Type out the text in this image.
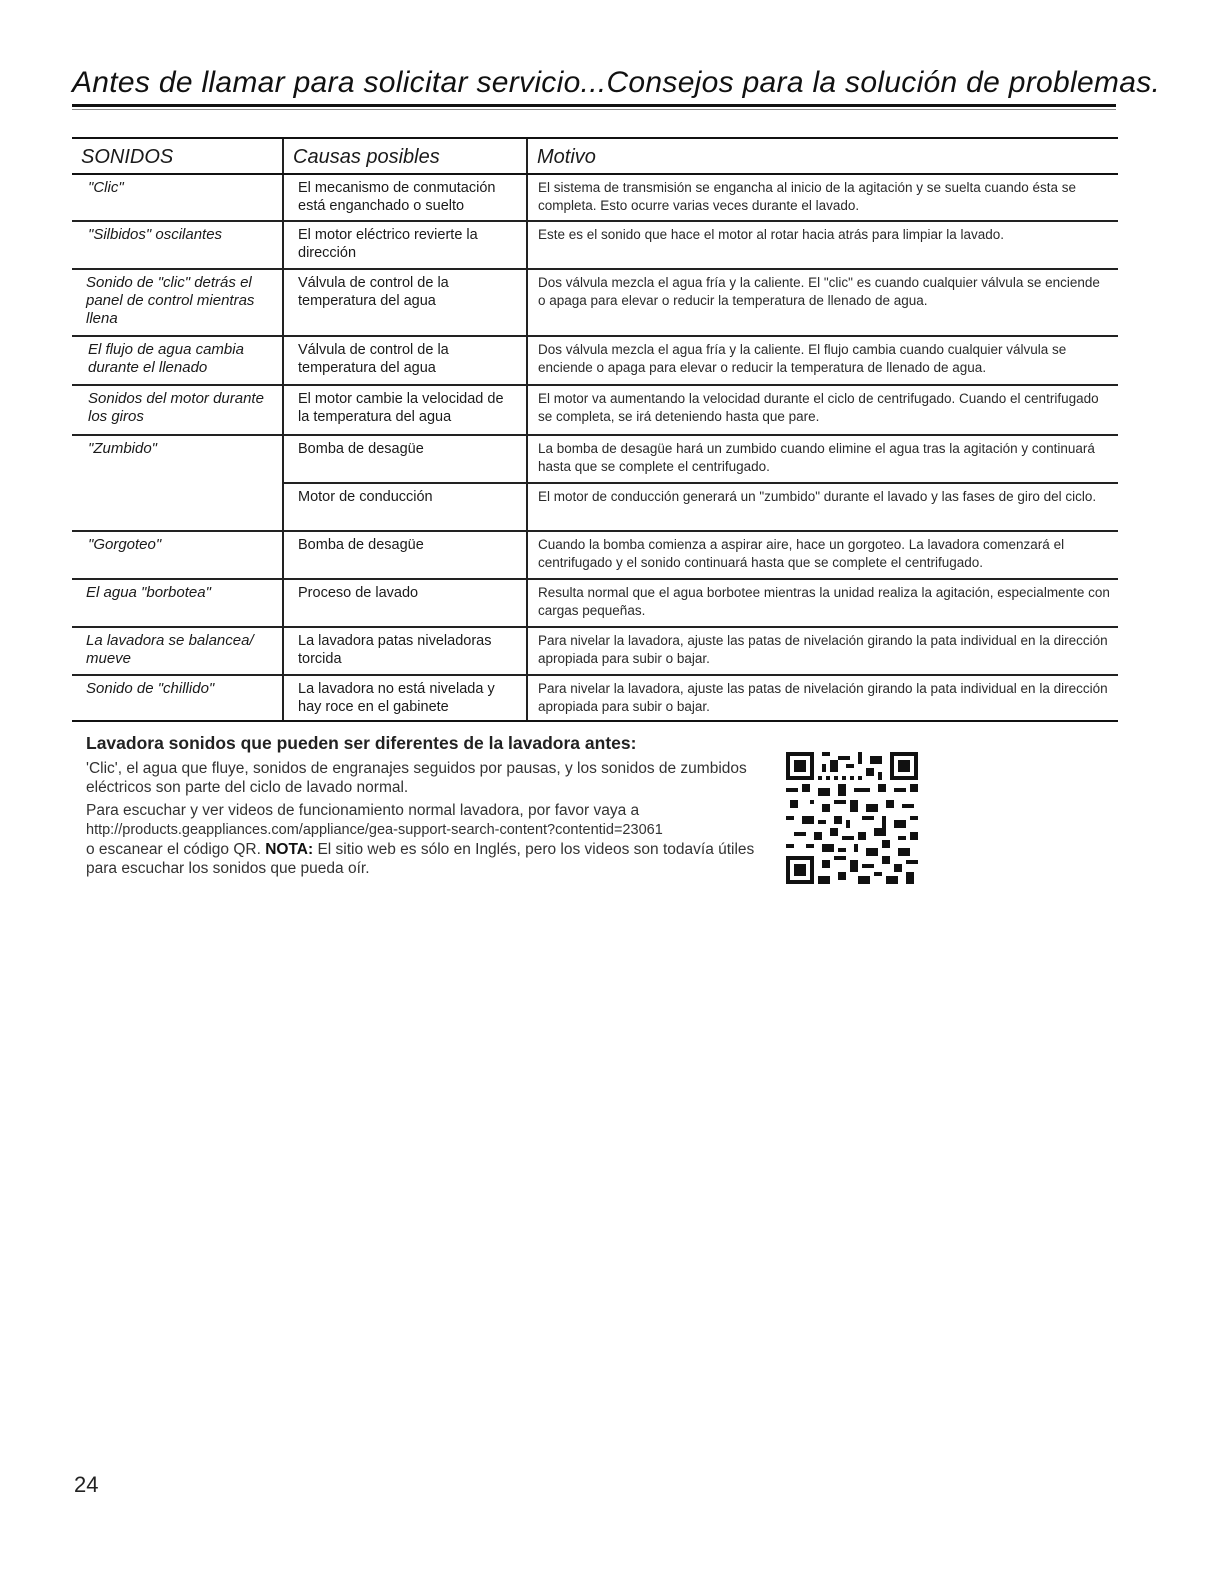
Antes de llamar para solicitar servicio...Consejos para la solución de problemas.
SONIDOS	Causas posibles	Motivo
"Clic"	El mecanismo de conmutación está enganchado o suelto	El sistema de transmisión se engancha al inicio de la agitación y se suelta cuando ésta se completa. Esto ocurre varias veces durante el lavado.
"Silbidos" oscilantes	El motor eléctrico revierte la dirección	Este es el sonido que hace el motor al rotar hacia atrás para limpiar la lavado.
Sonido de "clic" detrás el panel de control mientras llena	Válvula de control de la temperatura del agua	Dos válvula mezcla el agua fría y la caliente. El "clic" es cuando cualquier válvula se enciende o apaga para elevar o reducir la temperatura de llenado de agua.
El flujo de agua cambia durante el llenado	Válvula de control de la temperatura del agua	Dos válvula mezcla el agua fría y la caliente. El flujo cambia cuando cualquier válvula se enciende o apaga para elevar o reducir la temperatura de llenado de agua.
Sonidos del motor durante los giros	El motor cambie la velocidad de la temperatura del agua	El motor va aumentando la velocidad durante el ciclo de centrifugado. Cuando el centrifugado se completa, se irá deteniendo hasta que pare.
"Zumbido"	Bomba de desagüe	La bomba de desagüe hará un zumbido cuando elimine el agua tras la agitación y continuará hasta que se complete el centrifugado.
	Motor de conducción	El motor de conducción generará un "zumbido" durante el lavado y las fases de giro del ciclo.
"Gorgoteo"	Bomba de desagüe	Cuando la bomba comienza a aspirar aire, hace un gorgoteo. La lavadora comenzará el centrifugado y el sonido continuará hasta que se complete el centrifugado.
El agua "borbotea"	Proceso de lavado	Resulta normal que el agua borbotee mientras la unidad realiza la agitación, especialmente con cargas pequeñas.
La lavadora se balancea/ mueve	La lavadora patas niveladoras torcida	Para nivelar la lavadora, ajuste las patas de nivelación girando la pata individual en la dirección apropiada para subir o bajar.
Sonido de "chillido"	La lavadora no está nivelada y hay roce en el gabinete	Para nivelar la lavadora, ajuste las patas de nivelación girando la pata individual en la dirección apropiada para subir o bajar.
Lavadora sonidos que pueden ser diferentes de la lavadora antes:

'Clic', el agua que fluye, sonidos de engranajes seguidos por pausas, y los sonidos de zumbidos eléctricos son parte del ciclo de lavado normal.

Para escuchar y ver videos de funcionamiento normal lavadora, por favor vaya a
http://products.geappliances.com/appliance/gea-support-search-content?contentid=23061
o escanear el código QR. NOTA: El sitio web es sólo en Inglés, pero los videos son todavía útiles para escuchar los sonidos que pueda oír.

24
